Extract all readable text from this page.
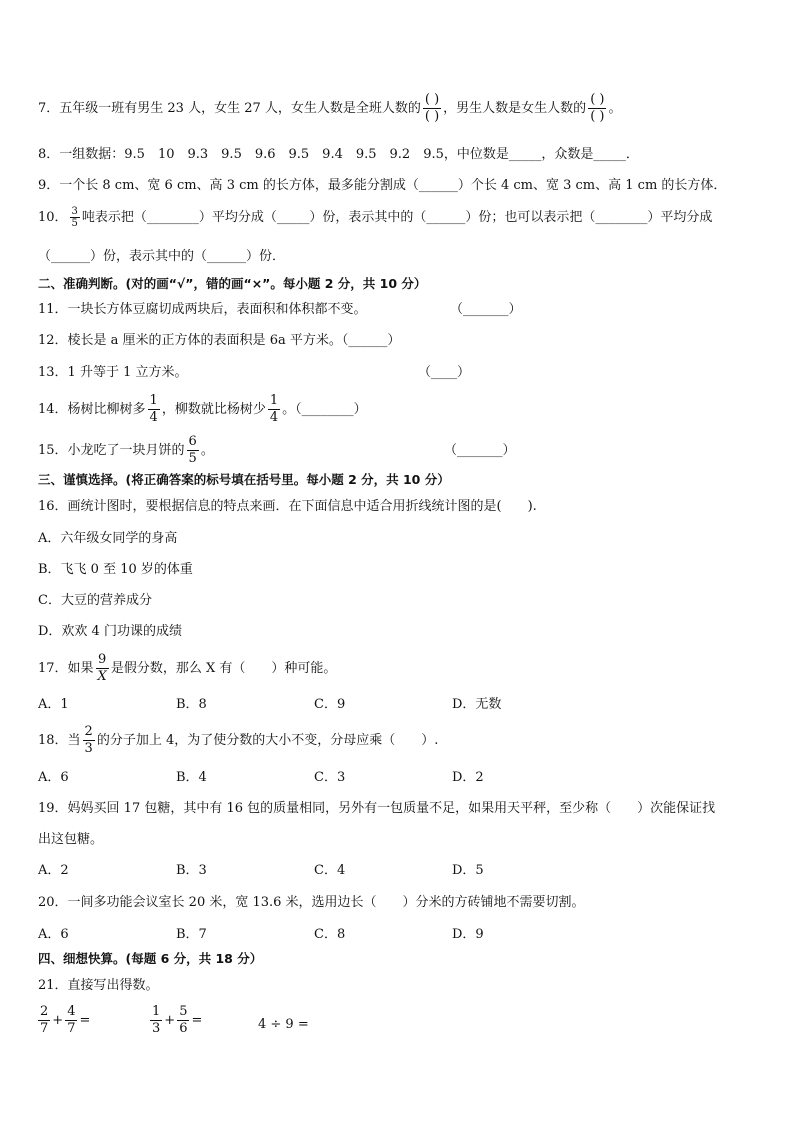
7．五年级一班有男生 23 人，女生 27 人，女生人数是全班人数的 $\frac{( )}{( )}$ ，男生人数是女生人数的 $\frac{( )}{( )}$ 。
8．一组数据：9.5　10　9.3　9.5　9.6　9.5　9.4　9.5　9.2　9.5，中位数是_____，众数是_____．
9．一个长 8 cm、宽 6 cm、高 3 cm 的长方体，最多能分割成（______）个长 4 cm、宽 3 cm、高 1 cm 的长方体．
10． $\frac{3}{5}$ 吨表示把（________）平均分成（_____）份，表示其中的（______）份；也可以表示把（________）平均分成
（______）份，表示其中的（______）份．
二、准确判断。(对的画“√”，错的画“×”。每小题 2 分，共 10 分）
11．一块长方体豆腐切成两块后，表面积和体积都不变。	（_______）
12．棱长是 a 厘米的正方体的表面积是 6a 平方米。（______）
13．1 升等于 1 立方米。	（____）
14．杨树比柳树多 $\frac{1}{4}$ ，柳数就比杨树少 $\frac{1}{4}$ 。（________）
15．小龙吃了一块月饼的 $\frac{6}{5}$ 。	（_______）
三、谨慎选择。(将正确答案的标号填在括号里。每小题 2 分，共 10 分）
16．画统计图时，要根据信息的特点来画．在下面信息中适合用折线统计图的是(　　).
A．六年级女同学的身高
B．飞飞 0 至 10 岁的体重
C．大豆的营养成分
D．欢欢 4 门功课的成绩
17．如果 $\frac{9}{X}$ 是假分数，那么 X 有（　　）种可能。
A．1	B．8	C．9	D．无数
18．当 $\frac{2}{3}$ 的分子加上 4，为了使分数的大小不变，分母应乘（　　）.
A．6	B．4	C．3	D．2
19．妈妈买回 17 包糖，其中有 16 包的质量相同，另外有一包质量不足，如果用天平秤，至少称（　　）次能保证找
出这包糖。
A．2	B．3	C．4	D．5
20．一间多功能会议室长 20 米，宽 13.6 米，选用边长（　　）分米的方砖铺地不需要切割。
A．6	B．7	C．8	D．9
四、细想快算。(每题 6 分，共 18 分）
21．直接写出得数。
$\frac{2}{7} + \frac{4}{7}$ =	$\frac{1}{3} + \frac{5}{6}$ =	4 ÷ 9 =
